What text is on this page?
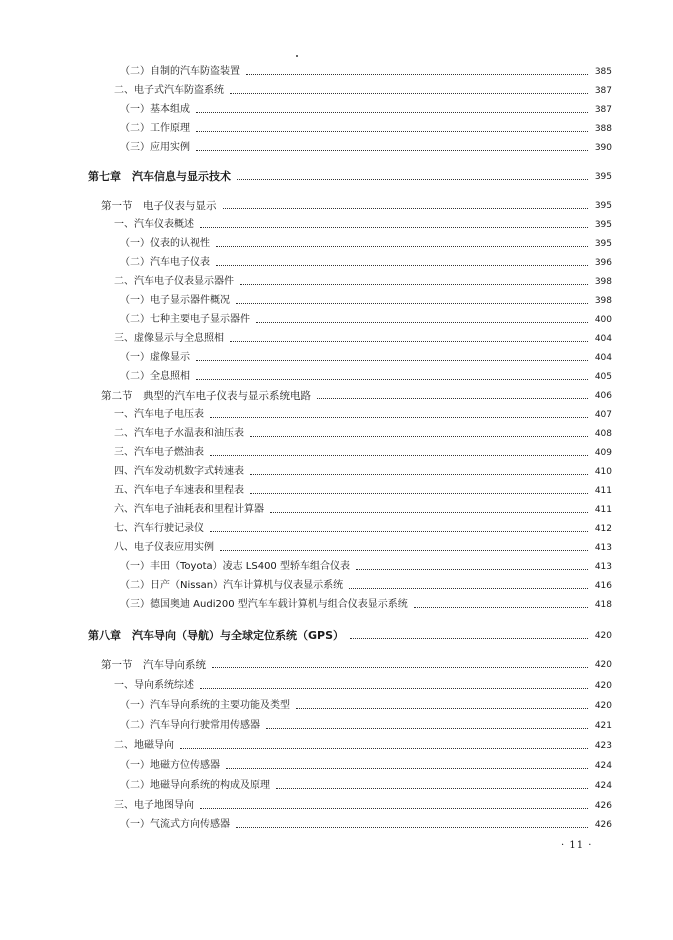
（二）自制的汽车防盗装置	385
二、电子式汽车防盗系统	387
（一）基本组成	387
（二）工作原理	388
（三）应用实例	390
第七章　汽车信息与显示技术	395
第一节　电子仪表与显示	395
一、汽车仪表概述	395
（一）仪表的认视性	395
（二）汽车电子仪表	396
二、汽车电子仪表显示器件	398
（一）电子显示器件概况	398
（二）七种主要电子显示器件	400
三、虚像显示与全息照相	404
（一）虚像显示	404
（二）全息照相	405
第二节　典型的汽车电子仪表与显示系统电路	406
一、汽车电子电压表	407
二、汽车电子水温表和油压表	408
三、汽车电子燃油表	409
四、汽车发动机数字式转速表	410
五、汽车电子车速表和里程表	411
六、汽车电子油耗表和里程计算器	411
七、汽车行驶记录仪	412
八、电子仪表应用实例	413
（一）丰田（Toyota）凌志 LS400 型轿车组合仪表	413
（二）日产（Nissan）汽车计算机与仪表显示系统	416
（三）德国奥迪 Audi200 型汽车车载计算机与组合仪表显示系统	418
第八章　汽车导向（导航）与全球定位系统（GPS）	420
第一节　汽车导向系统	420
一、导向系统综述	420
（一）汽车导向系统的主要功能及类型	420
（二）汽车导向行驶常用传感器	421
二、地磁导向	423
（一）地磁方位传感器	424
（二）地磁导向系统的构成及原理	424
三、电子地图导向	426
（一）气流式方向传感器	426
· 11 ·
